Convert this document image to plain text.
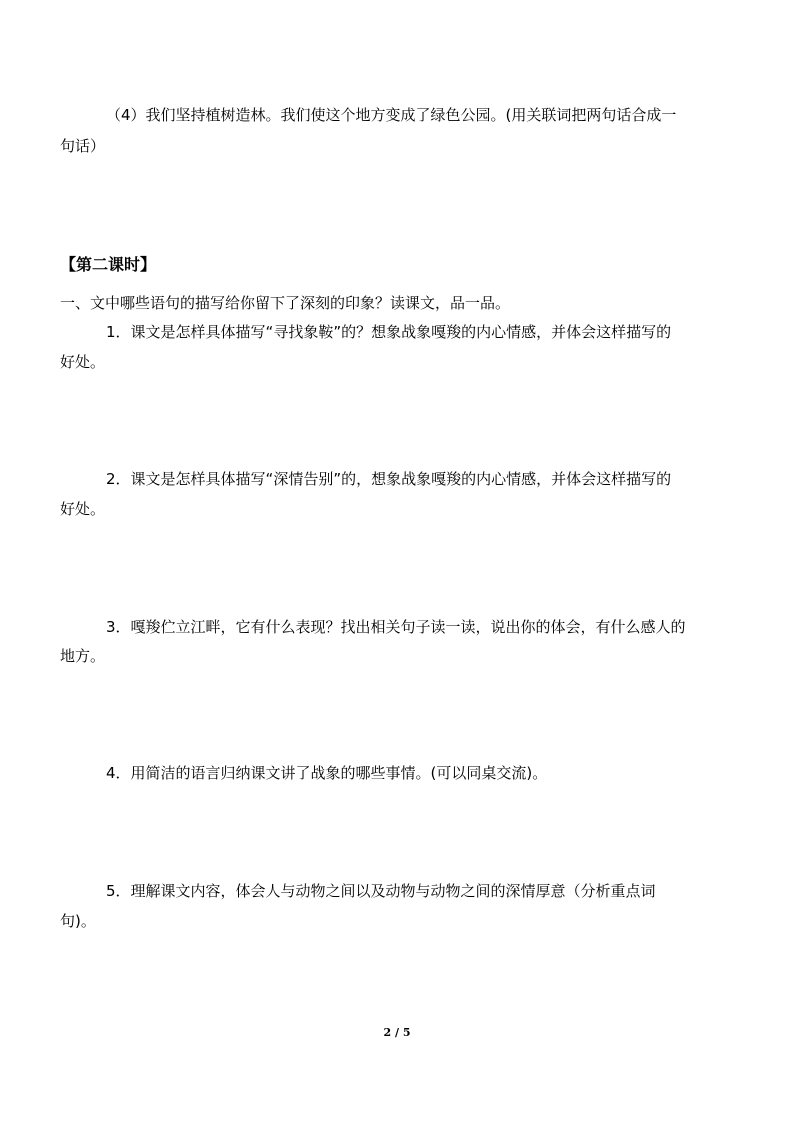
（4）我们坚持植树造林。我们使这个地方变成了绿色公园。(用关联词把两句话合成一
句话）
【第二课时】
一、文中哪些语句的描写给你留下了深刻的印象？读课文，品一品。
1．课文是怎样具体描写“寻找象鞍”的？想象战象嘎羧的内心情感，并体会这样描写的
好处。
2．课文是怎样具体描写“深情告别”的，想象战象嘎羧的内心情感，并体会这样描写的
好处。
3．嘎羧伫立江畔，它有什么表现？找出相关句子读一读，说出你的体会，有什么感人的
地方。
4．用简洁的语言归纳课文讲了战象的哪些事情。(可以同桌交流)。
5．理解课文内容，体会人与动物之间以及动物与动物之间的深情厚意（分析重点词
句)。
2 / 5
